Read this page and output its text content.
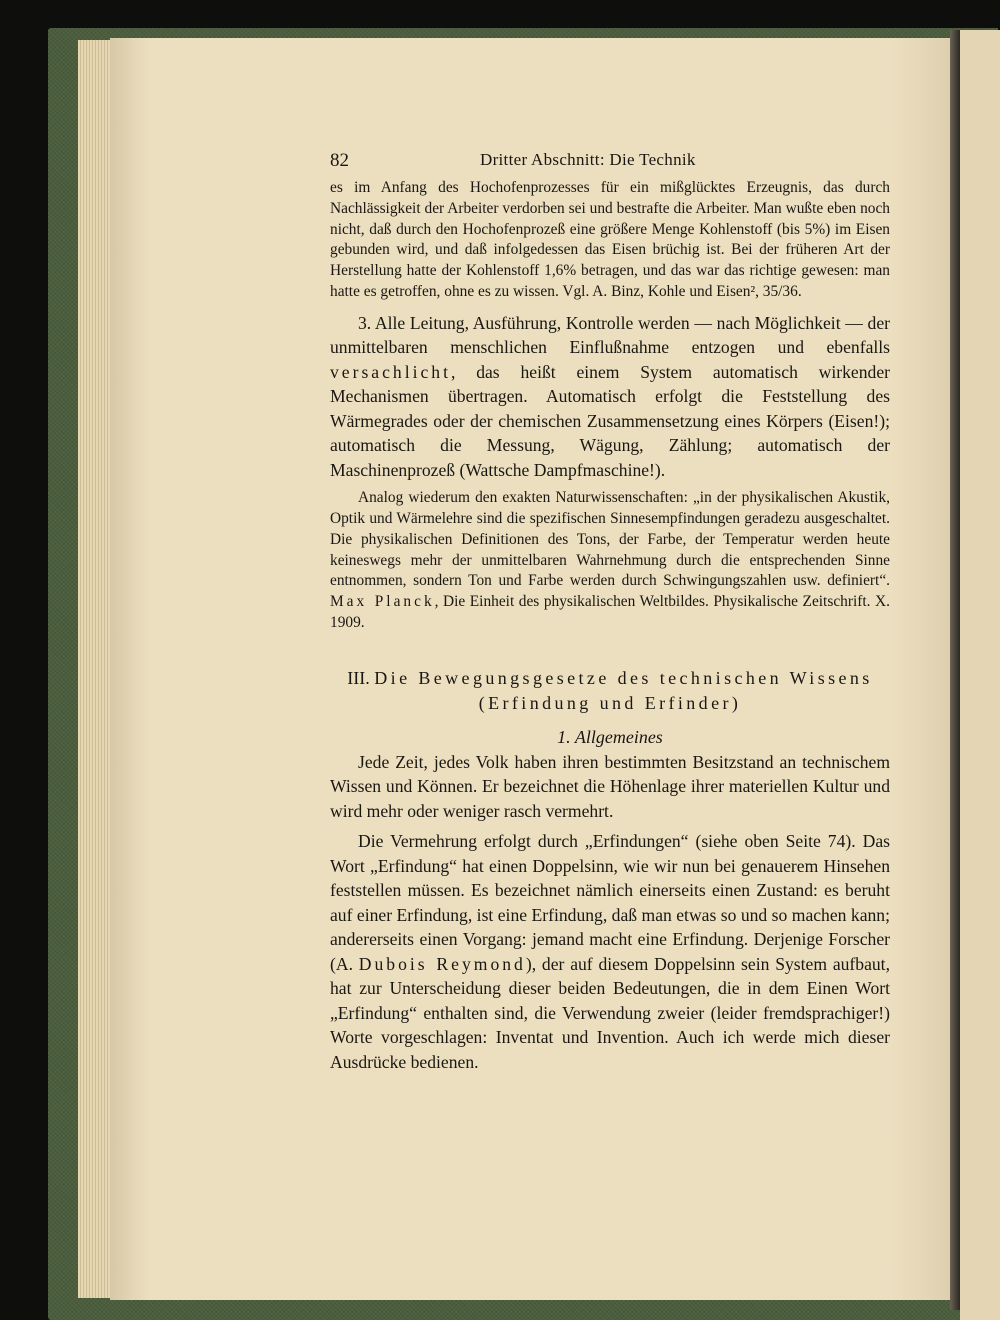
82	Dritter Abschnitt: Die Technik

es im Anfang des Hochofenprozesses für ein mißglücktes Erzeugnis, das durch Nachlässigkeit der Arbeiter verdorben sei und bestrafte die Arbeiter. Man wußte eben noch nicht, daß durch den Hochofenprozeß eine größere Menge Kohlenstoff (bis 5%) im Eisen gebunden wird, und daß infolgedessen das Eisen brüchig ist. Bei der früheren Art der Herstellung hatte der Kohlenstoff 1,6% betragen, und das war das richtige gewesen: man hatte es getroffen, ohne es zu wissen. Vgl. A. Binz, Kohle und Eisen², 35/36.

3. Alle Leitung, Ausführung, Kontrolle werden — nach Möglichkeit — der unmittelbaren menschlichen Einflußnahme entzogen und ebenfalls versachlicht, das heißt einem System automatisch wirkender Mechanismen übertragen. Automatisch erfolgt die Feststellung des Wärmegrades oder der chemischen Zusammensetzung eines Körpers (Eisen!); automatisch die Messung, Wägung, Zählung; automatisch der Maschinenprozeß (Wattsche Dampfmaschine!).

Analog wiederum den exakten Naturwissenschaften: „in der physikalischen Akustik, Optik und Wärmelehre sind die spezifischen Sinnesempfindungen geradezu ausgeschaltet. Die physikalischen Definitionen des Tons, der Farbe, der Temperatur werden heute keineswegs mehr der unmittelbaren Wahrnehmung durch die entsprechenden Sinne entnommen, sondern Ton und Farbe werden durch Schwingungszahlen usw. definiert“. Max Planck, Die Einheit des physikalischen Weltbildes. Physikalische Zeitschrift. X. 1909.

III. Die Bewegungsgesetze des technischen Wissens
(Erfindung und Erfinder)
1. Allgemeines

Jede Zeit, jedes Volk haben ihren bestimmten Besitzstand an technischem Wissen und Können. Er bezeichnet die Höhenlage ihrer materiellen Kultur und wird mehr oder weniger rasch vermehrt.

Die Vermehrung erfolgt durch „Erfindungen“ (siehe oben Seite 74). Das Wort „Erfindung“ hat einen Doppelsinn, wie wir nun bei genauerem Hinsehen feststellen müssen. Es bezeichnet nämlich einerseits einen Zustand: es beruht auf einer Erfindung, ist eine Erfindung, daß man etwas so und so machen kann; andererseits einen Vorgang: jemand macht eine Erfindung. Derjenige Forscher (A. Dubois Reymond), der auf diesem Doppelsinn sein System aufbaut, hat zur Unterscheidung dieser beiden Bedeutungen, die in dem Einen Wort „Erfindung“ enthalten sind, die Verwendung zweier (leider fremdsprachiger!) Worte vorgeschlagen: Inventat und Invention. Auch ich werde mich dieser Ausdrücke bedienen.
